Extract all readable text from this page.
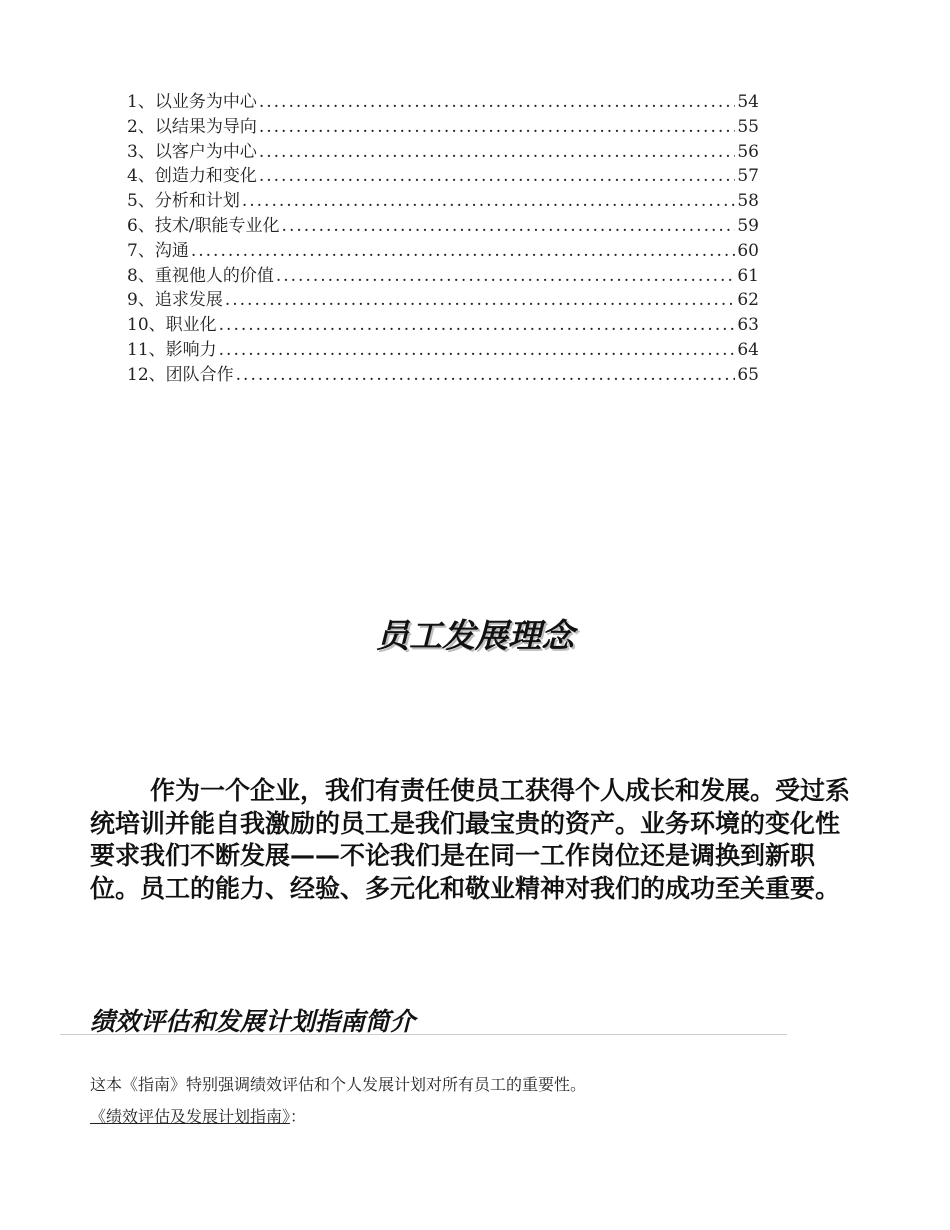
1、以业务为中心 .....	54
2、以结果为导向 .....	55
3、以客户为中心 .....	56
4、创造力和变化 .....	57
5、分析和计划 .....	58
6、技术/职能专业化 .....	59
7、沟通 .....	60
8、重视他人的价值 .....	61
9、追求发展 .....	62
10、职业化 .....	63
11、影响力 .....	64
12、团队合作 .....	65
员工发展理念

作为一个企业，我们有责任使员工获得个人成长和发展。受过系统培训并能自我激励的员工是我们最宝贵的资产。业务环境的变化性要求我们不断发展——不论我们是在同一工作岗位还是调换到新职位。员工的能力、经验、多元化和敬业精神对我们的成功至关重要。

绩效评估和发展计划指南简介

这本《指南》特别强调绩效评估和个人发展计划对所有员工的重要性。

《绩效评估及发展计划指南》：
